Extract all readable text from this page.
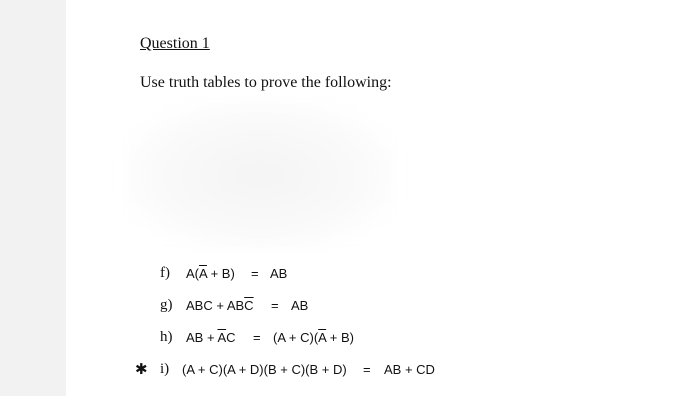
Question 1
Use truth tables to prove the following:
f) $A(\overline{A} + B)$ = AB
g) ABC + $AB\overline{C}$ = AB
h) AB + $\overline{A}C = (A + C)(\overline{A} + B)$
✱ i) (A + C)(A + D)(B + C)(B + D) = AB + CD
